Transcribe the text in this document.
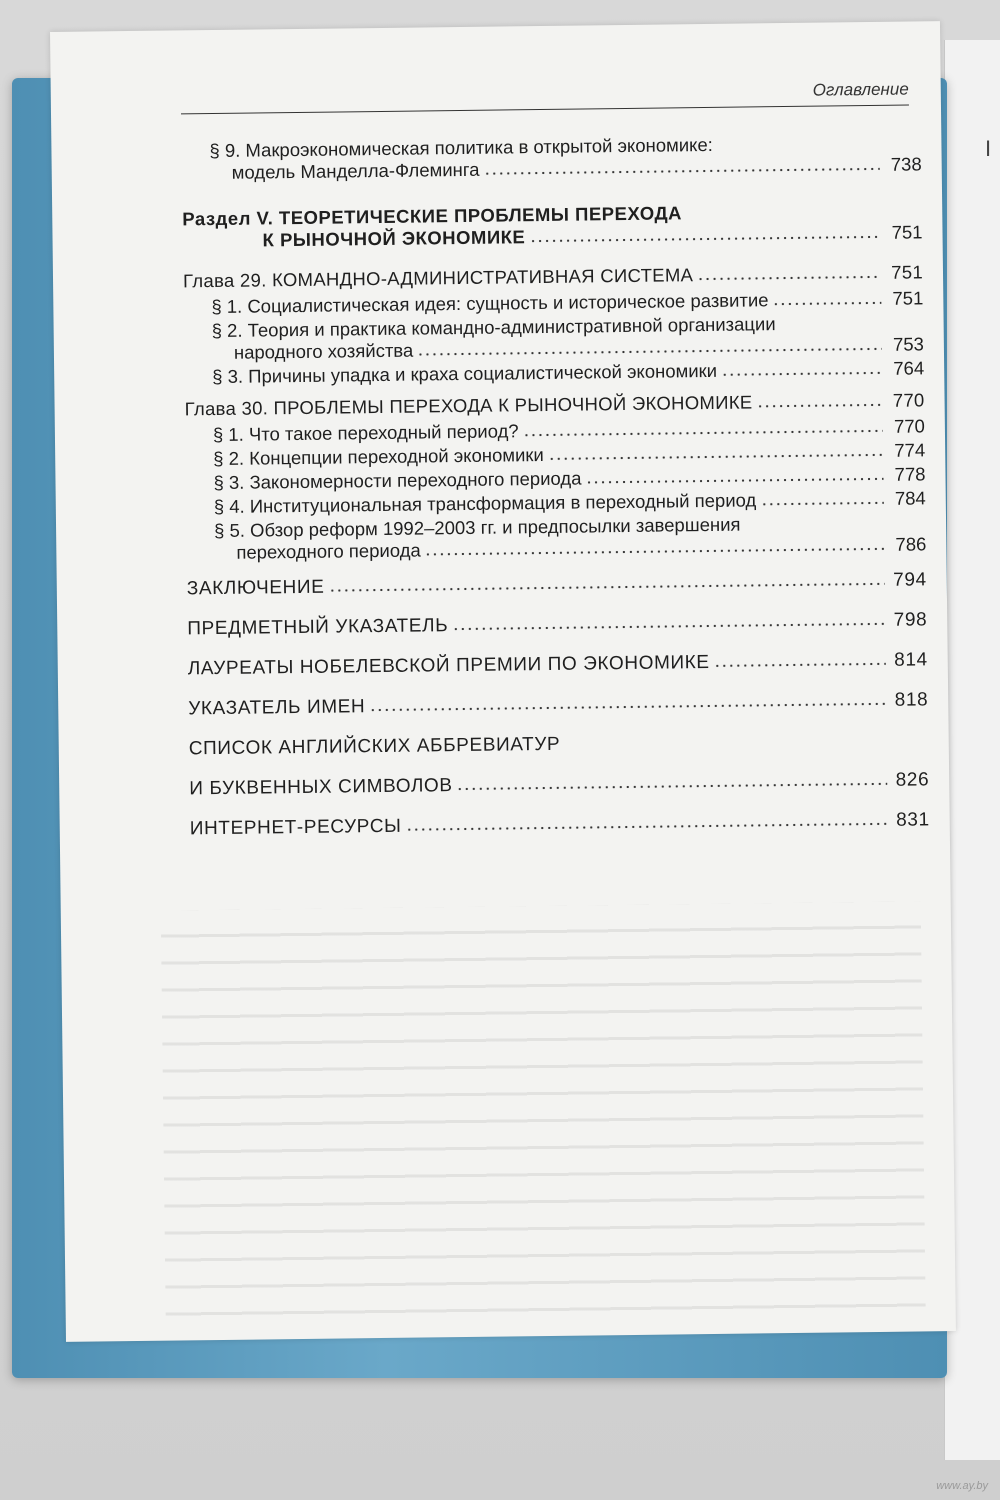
I
Оглавление
§ 9. Макроэкономическая политика в открытой экономике:
модель Манделла-Флеминга	738
Раздел V. ТЕОРЕТИЧЕСКИЕ ПРОБЛЕМЫ ПЕРЕХОДА
К РЫНОЧНОЙ ЭКОНОМИКЕ	751
Глава 29. КОМАНДНО-АДМИНИСТРАТИВНАЯ СИСТЕМА	751
§ 1. Социалистическая идея: сущность и историческое развитие	751
§ 2. Теория и практика командно-административной организации
народного хозяйства	753
§ 3. Причины упадка и краха социалистической экономики	764
Глава 30. ПРОБЛЕМЫ ПЕРЕХОДА К РЫНОЧНОЙ ЭКОНОМИКЕ	770
§ 1. Что такое переходный период?	770
§ 2. Концепции переходной экономики	774
§ 3. Закономерности переходного периода	778
§ 4. Институциональная трансформация в переходный период	784
§ 5. Обзор реформ 1992–2003 гг. и предпосылки завершения
переходного периода	786
ЗАКЛЮЧЕНИЕ	794
ПРЕДМЕТНЫЙ УКАЗАТЕЛЬ	798
ЛАУРЕАТЫ НОБЕЛЕВСКОЙ ПРЕМИИ ПО ЭКОНОМИКЕ	814
УКАЗАТЕЛЬ ИМЕН	818
СПИСОК АНГЛИЙСКИХ АББРЕВИАТУР
И БУКВЕННЫХ СИМВОЛОВ	826
ИНТЕРНЕТ-РЕСУРСЫ	831
www.ay.by
